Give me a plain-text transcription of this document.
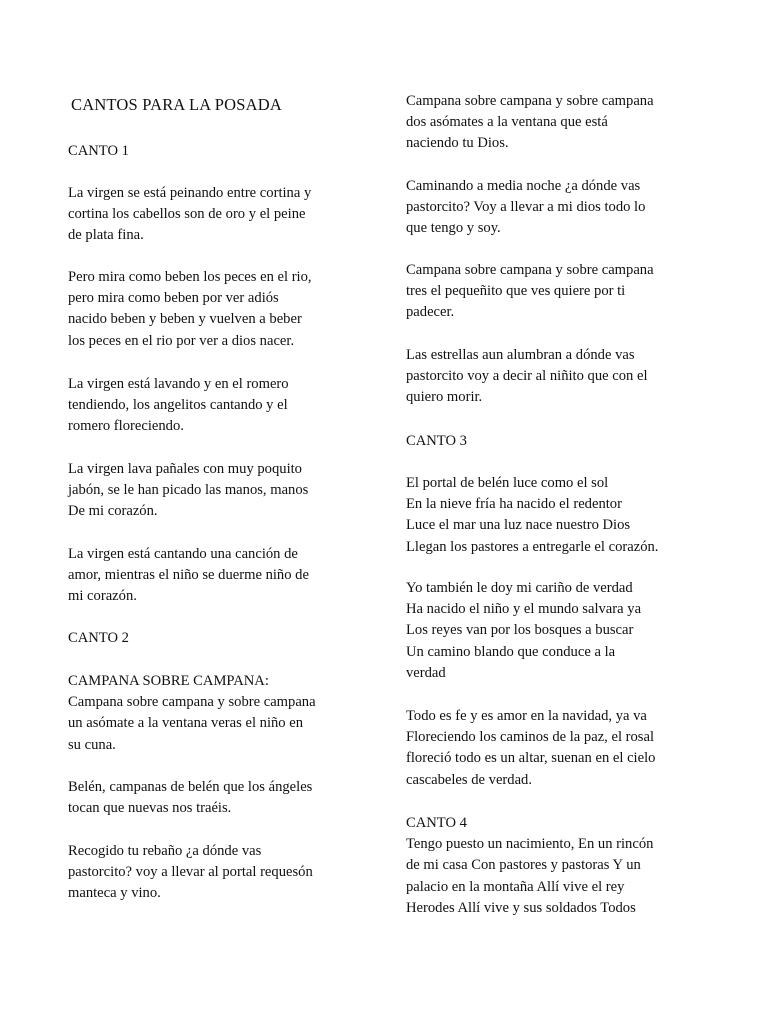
CANTOS PARA LA POSADA

CANTO 1

La virgen se está peinando entre cortina y
cortina los cabellos son de oro y el peine
de plata fina.

Pero mira como beben los peces en el rio,
pero mira como beben por ver adiós
nacido beben y beben y vuelven a beber
los peces en el rio por ver a dios nacer.

La virgen está lavando y en el romero
tendiendo, los angelitos cantando y el
romero floreciendo.

La virgen lava pañales con muy poquito
jabón, se le han picado las manos, manos
De mi corazón.

La virgen está cantando una canción de
amor, mientras el niño se duerme niño de
mi corazón.

CANTO 2

CAMPANA SOBRE CAMPANA:
Campana sobre campana y sobre campana
un asómate a la ventana veras el niño en
su cuna.

Belén, campanas de belén que los ángeles
tocan que nuevas nos traéis.

Recogido tu rebaño ¿a dónde vas
pastorcito? voy a llevar al portal requesón
manteca y vino.

Campana sobre campana y sobre campana
dos asómates a la ventana que está
naciendo tu Dios.

Caminando a media noche ¿a dónde vas
pastorcito? Voy a llevar a mi dios todo lo
que tengo y soy.

Campana sobre campana y sobre campana
tres el pequeñito que ves quiere por ti
padecer.

Las estrellas aun alumbran a dónde vas
pastorcito voy a decir al niñito que con el
quiero morir.

CANTO 3

El portal de belén luce como el sol
En la nieve fría ha nacido el redentor
Luce el mar una luz nace nuestro Dios
Llegan los pastores a entregarle el corazón.

Yo también le doy mi cariño de verdad
Ha nacido el niño y el mundo salvara ya
Los reyes van por los bosques a buscar
Un camino blando que conduce a la
verdad

Todo es fe y es amor en la navidad, ya va
Floreciendo los caminos de la paz, el rosal
floreció todo es un altar, suenan en el cielo
cascabeles de verdad.

CANTO 4
Tengo puesto un nacimiento, En un rincón
de mi casa Con pastores y pastoras Y un
palacio en la montaña Allí vive el rey
Herodes Allí vive y sus soldados Todos
